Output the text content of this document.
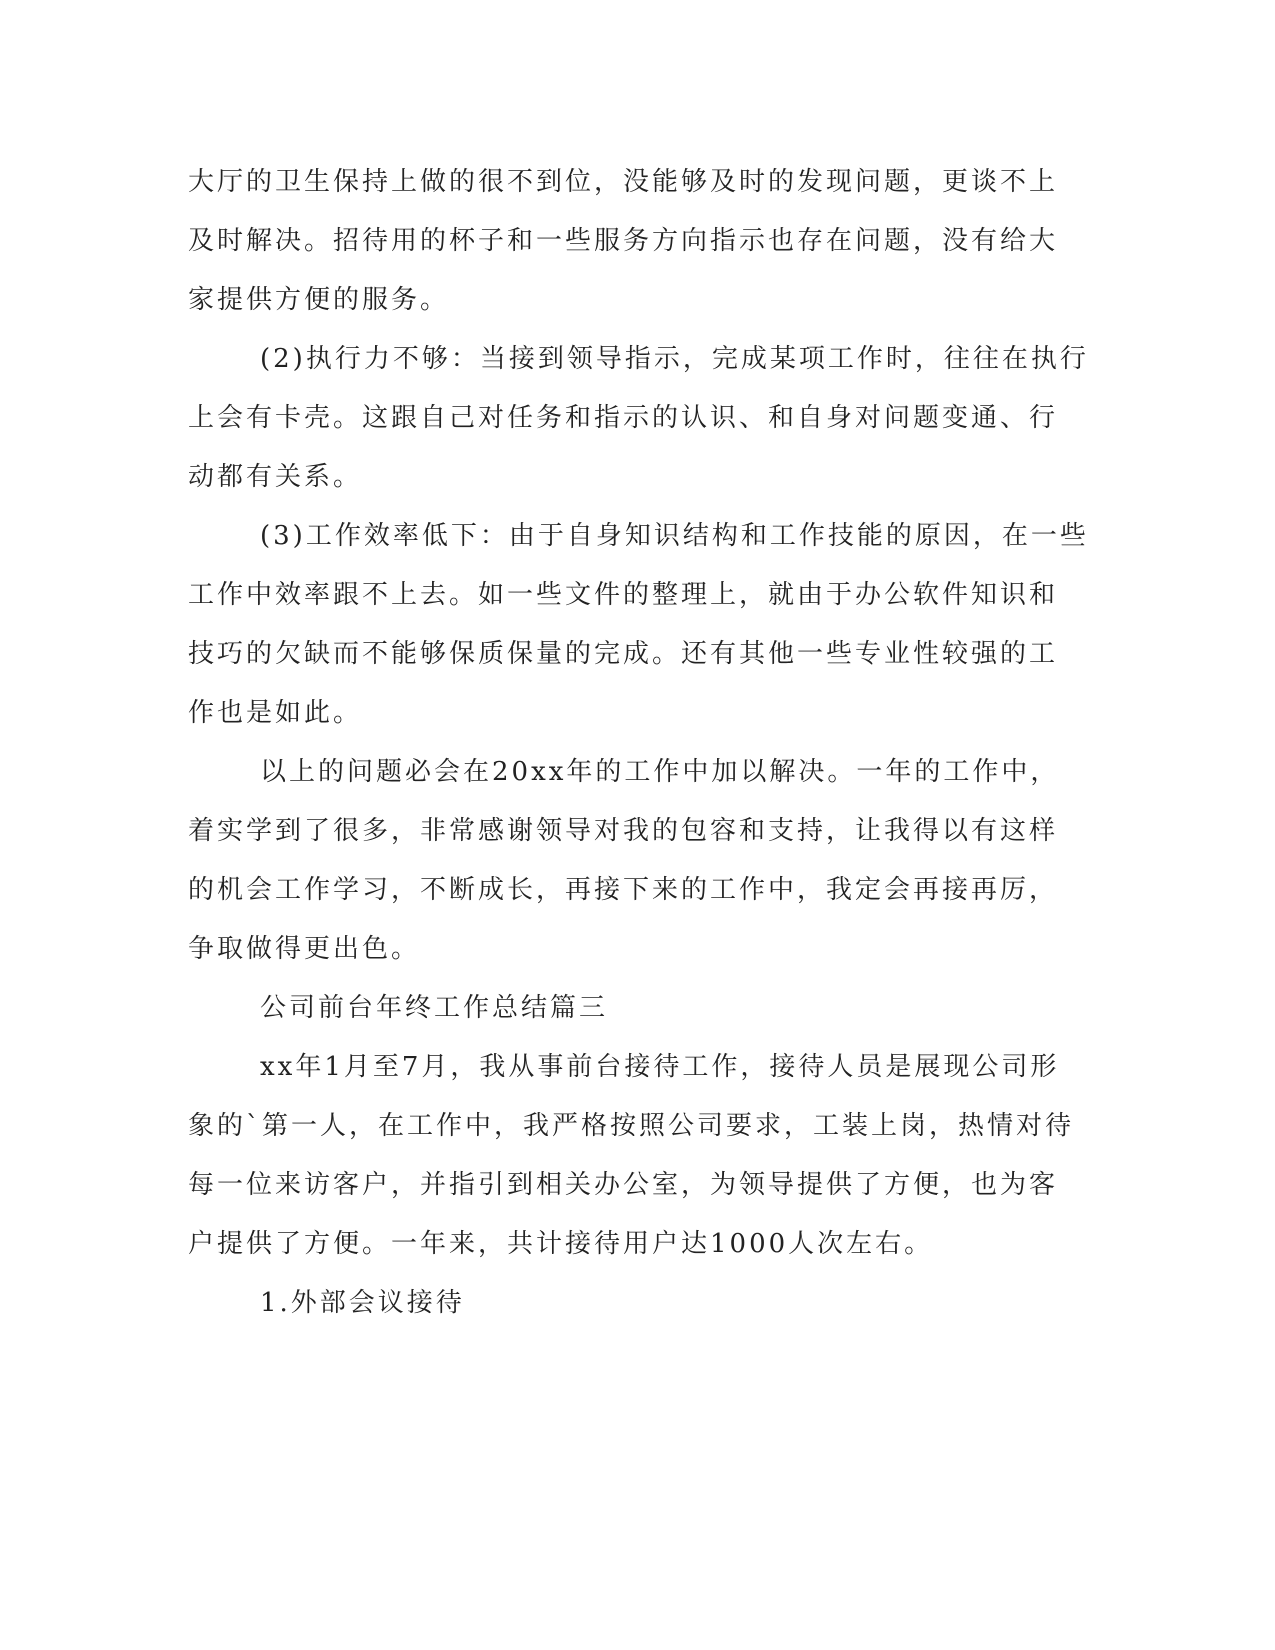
大厅的卫生保持上做的很不到位，没能够及时的发现问题，更谈不上
及时解决。招待用的杯子和一些服务方向指示也存在问题，没有给大
家提供方便的服务。
(2)执行力不够：当接到领导指示，完成某项工作时，往往在执行
上会有卡壳。这跟自己对任务和指示的认识、和自身对问题变通、行
动都有关系。
(3)工作效率低下：由于自身知识结构和工作技能的原因，在一些
工作中效率跟不上去。如一些文件的整理上，就由于办公软件知识和
技巧的欠缺而不能够保质保量的完成。还有其他一些专业性较强的工
作也是如此。
以上的问题必会在20xx年的工作中加以解决。一年的工作中，
着实学到了很多，非常感谢领导对我的包容和支持，让我得以有这样
的机会工作学习，不断成长，再接下来的工作中，我定会再接再厉，
争取做得更出色。
公司前台年终工作总结篇三
xx年1月至7月，我从事前台接待工作，接待人员是展现公司形
象的`第一人，在工作中，我严格按照公司要求，工装上岗，热情对待
每一位来访客户，并指引到相关办公室，为领导提供了方便，也为客
户提供了方便。一年来，共计接待用户达1000人次左右。
1.外部会议接待
